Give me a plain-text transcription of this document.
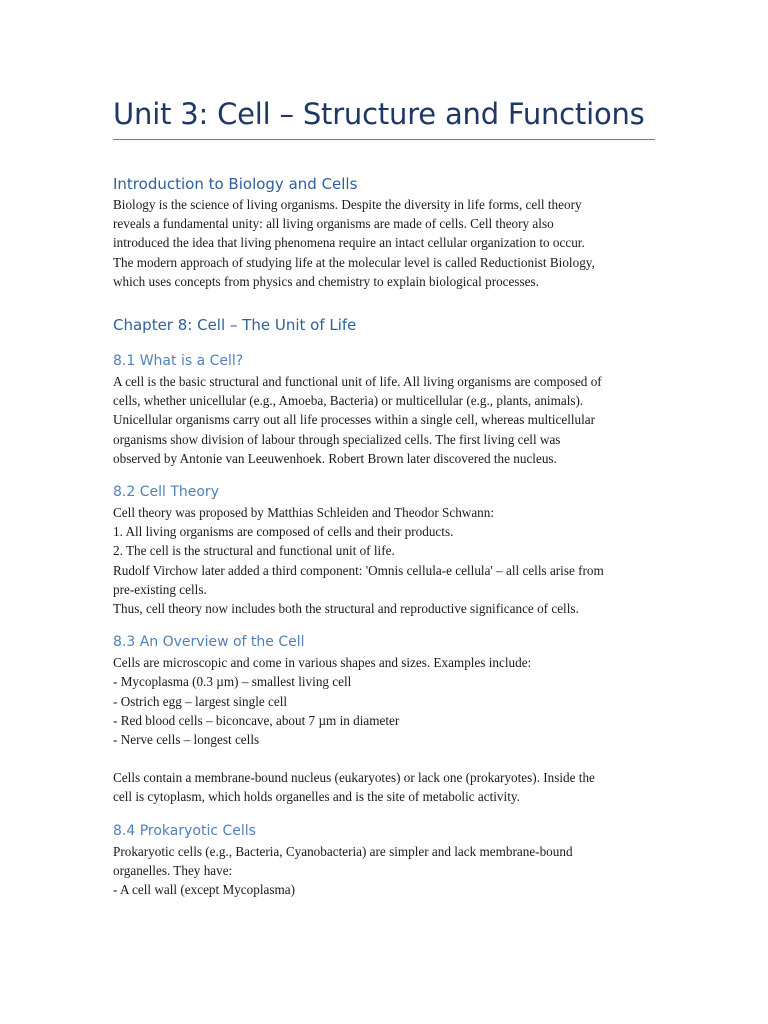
Unit 3: Cell – Structure and Functions
Introduction to Biology and Cells

Biology is the science of living organisms. Despite the diversity in life forms, cell theory

reveals a fundamental unity: all living organisms are made of cells. Cell theory also

introduced the idea that living phenomena require an intact cellular organization to occur.

The modern approach of studying life at the molecular level is called Reductionist Biology,

which uses concepts from physics and chemistry to explain biological processes.

Chapter 8: Cell – The Unit of Life
8.1 What is a Cell?

A cell is the basic structural and functional unit of life. All living organisms are composed of

cells, whether unicellular (e.g., Amoeba, Bacteria) or multicellular (e.g., plants, animals).

Unicellular organisms carry out all life processes within a single cell, whereas multicellular

organisms show division of labour through specialized cells. The first living cell was

observed by Antonie van Leeuwenhoek. Robert Brown later discovered the nucleus.

8.2 Cell Theory

Cell theory was proposed by Matthias Schleiden and Theodor Schwann:

1. All living organisms are composed of cells and their products.

2. The cell is the structural and functional unit of life.

Rudolf Virchow later added a third component: 'Omnis cellula-e cellula' – all cells arise from

pre-existing cells.

Thus, cell theory now includes both the structural and reproductive significance of cells.

8.3 An Overview of the Cell

Cells are microscopic and come in various shapes and sizes. Examples include:

- Mycoplasma (0.3 µm) – smallest living cell

- Ostrich egg – largest single cell

- Red blood cells – biconcave, about 7 µm in diameter

- Nerve cells – longest cells

Cells contain a membrane-bound nucleus (eukaryotes) or lack one (prokaryotes). Inside the

cell is cytoplasm, which holds organelles and is the site of metabolic activity.

8.4 Prokaryotic Cells

Prokaryotic cells (e.g., Bacteria, Cyanobacteria) are simpler and lack membrane-bound

organelles. They have:

- A cell wall (except Mycoplasma)
